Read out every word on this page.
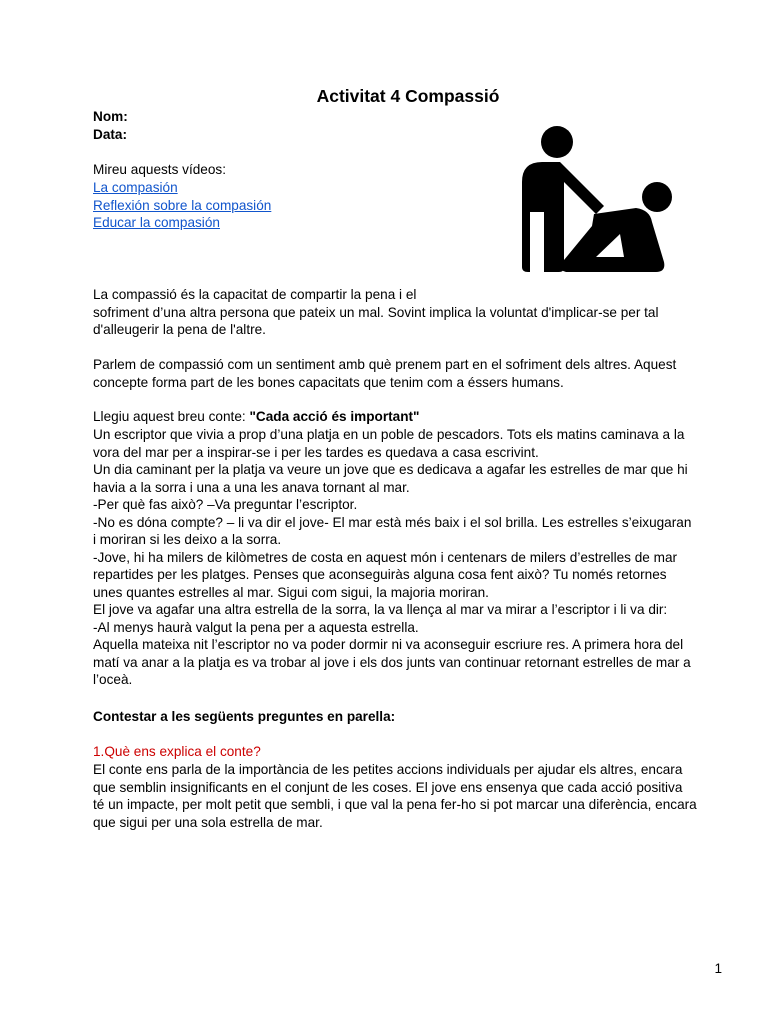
Activitat 4 Compassió
Nom:
Data:
Mireu aquests vídeos:
La compasión
Reflexión sobre la compasión
Educar la compasión

La compassió és la capacitat de compartir la pena i el

sofriment d’una altra persona que pateix un mal. Sovint implica la voluntat d'implicar-se per tal

d'alleugerir la pena de l'altre.

Parlem de compassió com un sentiment amb què prenem part en el sofriment dels altres. Aquest

concepte forma part de les bones capacitats que tenim com a éssers humans.

Llegiu aquest breu conte: "Cada acció és important"

Un escriptor que vivia a prop d’una platja en un poble de pescadors. Tots els matins caminava a la

vora del mar per a inspirar-se i per les tardes es quedava a casa escrivint.

Un dia caminant per la platja va veure un jove que es dedicava a agafar les estrelles de mar que hi

havia a la sorra i una a una les anava tornant al mar.

-Per què fas això? –Va preguntar l’escriptor.

-No es dóna compte? – li va dir el jove- El mar està més baix i el sol brilla. Les estrelles s’eixugaran

i moriran si les deixo a la sorra.

-Jove, hi ha milers de kilòmetres de costa en aquest món i centenars de milers d’estrelles de mar

repartides per les platges. Penses que aconseguiràs alguna cosa fent això? Tu només retornes

unes quantes estrelles al mar. Sigui com sigui, la majoria moriran.

El jove va agafar una altra estrella de la sorra, la va llença al mar va mirar a l’escriptor i li va dir:

-Al menys haurà valgut la pena per a aquesta estrella.

Aquella mateixa nit l’escriptor no va poder dormir ni va aconseguir escriure res. A primera hora del

matí va anar a la platja es va trobar al jove i els dos junts van continuar retornant estrelles de mar a

l’oceà.

Contestar a les següents preguntes en parella:
1.Què ens explica el conte?

El conte ens parla de la importància de les petites accions individuals per ajudar els altres, encara

que semblin insignificants en el conjunt de les coses. El jove ens ensenya que cada acció positiva

té un impacte, per molt petit que sembli, i que val la pena fer-ho si pot marcar una diferència, encara

que sigui per una sola estrella de mar.

1
